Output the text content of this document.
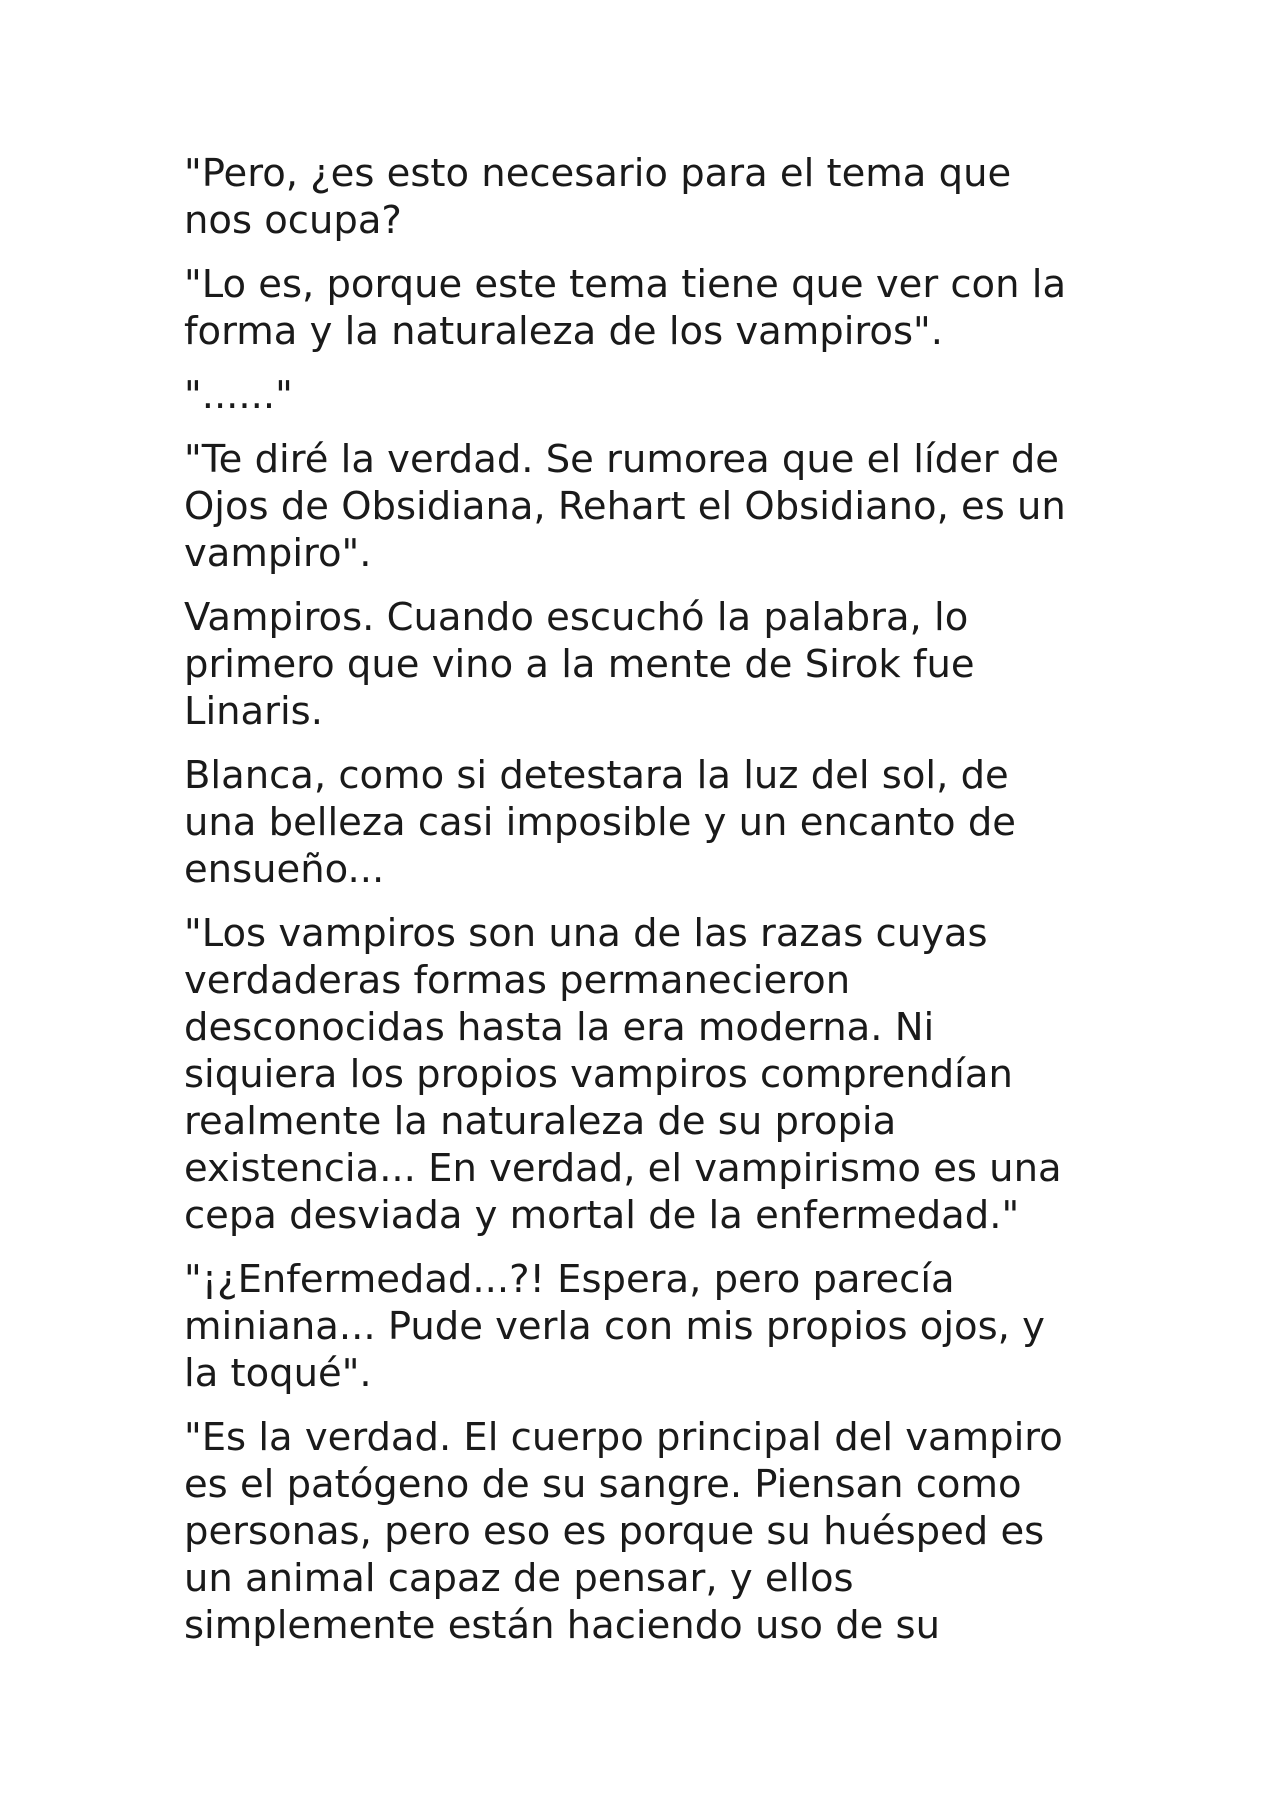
"Pero, ¿es esto necesario para el tema que
nos ocupa?

"Lo es, porque este tema tiene que ver con la
forma y la naturaleza de los vampiros".

"......"

"Te diré la verdad. Se rumorea que el líder de
Ojos de Obsidiana, Rehart el Obsidiano, es un
vampiro".

Vampiros. Cuando escuchó la palabra, lo
primero que vino a la mente de Sirok fue
Linaris.

Blanca, como si detestara la luz del sol, de
una belleza casi imposible y un encanto de
ensueño...

"Los vampiros son una de las razas cuyas
verdaderas formas permanecieron
desconocidas hasta la era moderna. Ni
siquiera los propios vampiros comprendían
realmente la naturaleza de su propia
existencia... En verdad, el vampirismo es una
cepa desviada y mortal de la enfermedad."

"¡¿Enfermedad...?! Espera, pero parecía
miniana... Pude verla con mis propios ojos, y
la toqué".

"Es la verdad. El cuerpo principal del vampiro
es el patógeno de su sangre. Piensan como
personas, pero eso es porque su huésped es
un animal capaz de pensar, y ellos
simplemente están haciendo uso de su
